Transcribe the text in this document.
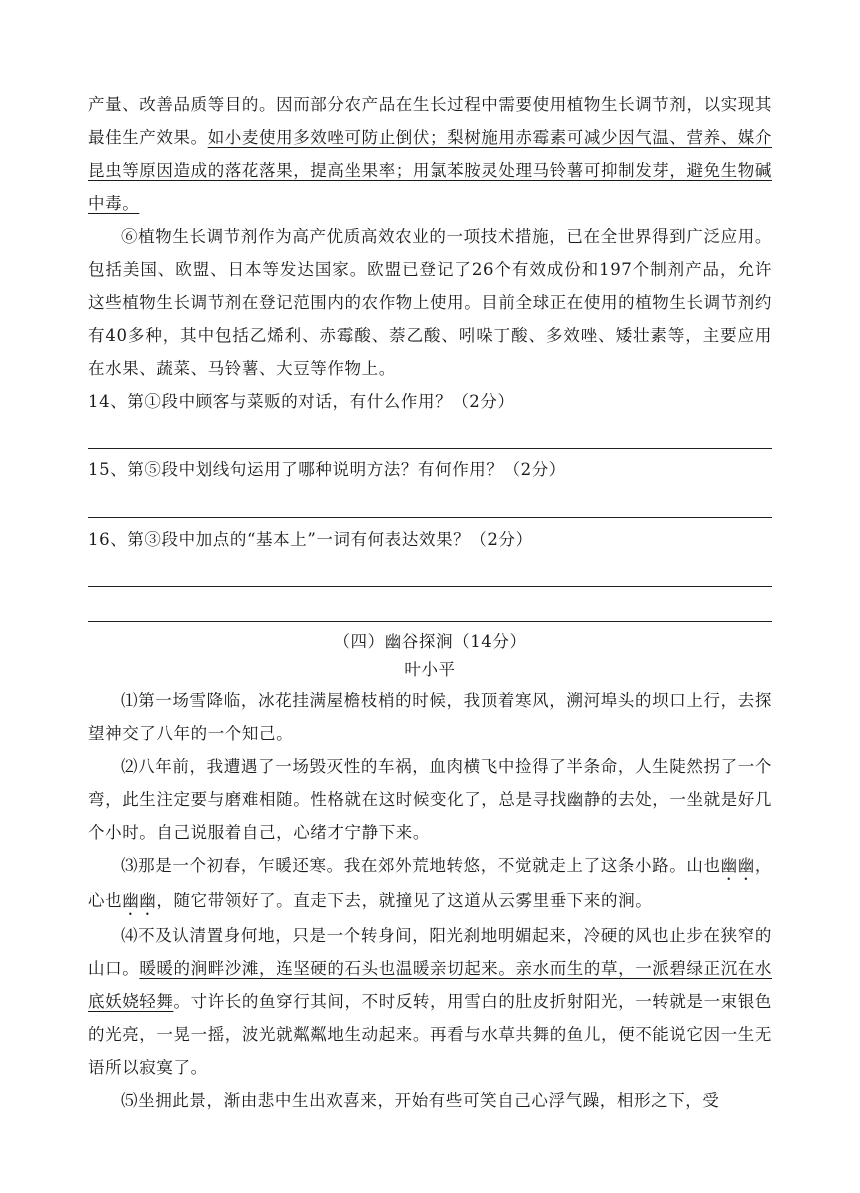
产量、改善品质等目的。因而部分农产品在生长过程中需要使用植物生长调节剂，以实现其最佳生产效果。如小麦使用多效唑可防止倒伏；梨树施用赤霉素可减少因气温、营养、媒介昆虫等原因造成的落花落果，提高坐果率；用氯苯胺灵处理马铃薯可抑制发芽，避免生物碱中毒。

⑥植物生长调节剂作为高产优质高效农业的一项技术措施，已在全世界得到广泛应用。包括美国、欧盟、日本等发达国家。欧盟已登记了26个有效成份和197个制剂产品，允许这些植物生长调节剂在登记范围内的农作物上使用。目前全球正在使用的植物生长调节剂约有40多种，其中包括乙烯利、赤霉酸、萘乙酸、吲哚丁酸、多效唑、矮壮素等，主要应用在水果、蔬菜、马铃薯、大豆等作物上。

14、第①段中顾客与菜贩的对话，有什么作用？（2分）

15、第⑤段中划线句运用了哪种说明方法？有何作用？（2分）

16、第③段中加点的“基本上”一词有何表达效果？（2分）

（四）幽谷探涧（14分）

叶小平

⑴第一场雪降临，冰花挂满屋檐枝梢的时候，我顶着寒风，溯河埠头的坝口上行，去探望神交了八年的一个知己。

⑵八年前，我遭遇了一场毁灭性的车祸，血肉横飞中捡得了半条命，人生陡然拐了一个弯，此生注定要与磨难相随。性格就在这时候变化了，总是寻找幽静的去处，一坐就是好几个小时。自己说服着自己，心绪才宁静下来。

⑶那是一个初春，乍暖还寒。我在郊外荒地转悠，不觉就走上了这条小路。山也幽幽，心也幽幽，随它带领好了。直走下去，就撞见了这道从云雾里垂下来的涧。

⑷不及认清置身何地，只是一个转身间，阳光刹地明媚起来，冷硬的风也止步在狭窄的山口。暖暖的涧畔沙滩，连坚硬的石头也温暖亲切起来。亲水而生的草，一派碧绿正沉在水底妖娆轻舞。寸许长的鱼穿行其间，不时反转，用雪白的肚皮折射阳光，一转就是一束银色的光亮，一晃一摇，波光就粼粼地生动起来。再看与水草共舞的鱼儿，便不能说它因一生无语所以寂寞了。

⑸坐拥此景，渐由悲中生出欢喜来，开始有些可笑自己心浮气躁，相形之下，受
